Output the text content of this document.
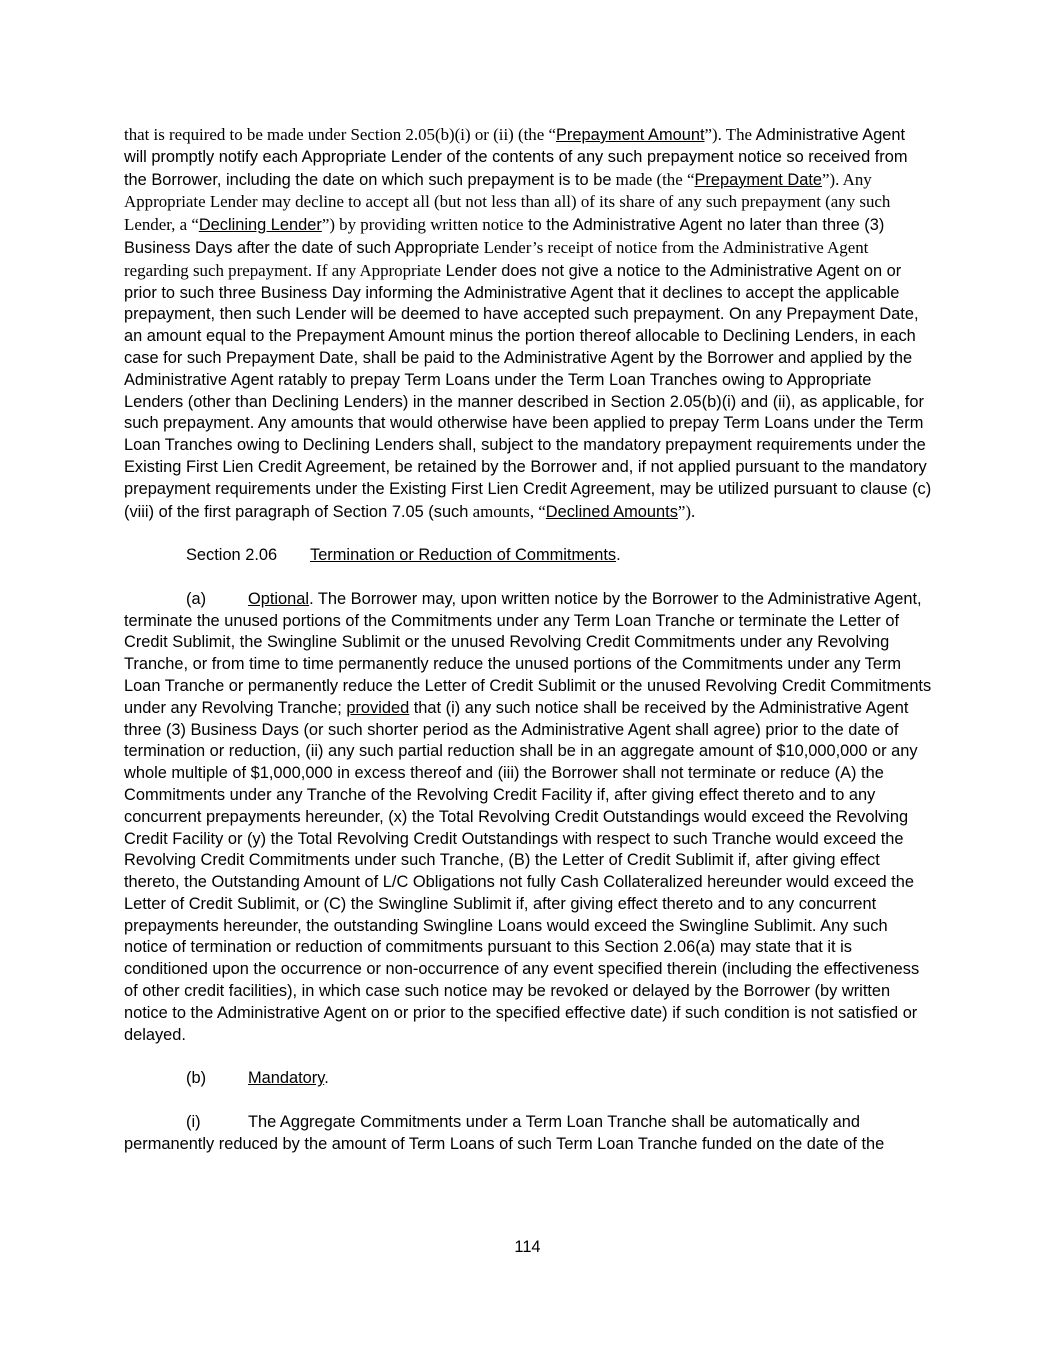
that is required to be made under Section 2.05(b)(i) or (ii) (the “Prepayment Amount”). The Administrative Agent will promptly notify each Appropriate Lender of the contents of any such prepayment notice so received from the Borrower, including the date on which such prepayment is to be made (the “Prepayment Date”). Any Appropriate Lender may decline to accept all (but not less than all) of its share of any such prepayment (any such Lender, a “Declining Lender”) by providing written notice to the Administrative Agent no later than three (3) Business Days after the date of such Appropriate Lender’s receipt of notice from the Administrative Agent regarding such prepayment. If any Appropriate Lender does not give a notice to the Administrative Agent on or prior to such three Business Day informing the Administrative Agent that it declines to accept the applicable prepayment, then such Lender will be deemed to have accepted such prepayment. On any Prepayment Date, an amount equal to the Prepayment Amount minus the portion thereof allocable to Declining Lenders, in each case for such Prepayment Date, shall be paid to the Administrative Agent by the Borrower and applied by the Administrative Agent ratably to prepay Term Loans under the Term Loan Tranches owing to Appropriate Lenders (other than Declining Lenders) in the manner described in Section 2.05(b)(i) and (ii), as applicable, for such prepayment. Any amounts that would otherwise have been applied to prepay Term Loans under the Term Loan Tranches owing to Declining Lenders shall, subject to the mandatory prepayment requirements under the Existing First Lien Credit Agreement, be retained by the Borrower and, if not applied pursuant to the mandatory prepayment requirements under the Existing First Lien Credit Agreement, may be utilized pursuant to clause (c)(viii) of the first paragraph of Section 7.05 (such amounts, “Declined Amounts”).

Section 2.06 Termination or Reduction of Commitments.

(a)	Optional. The Borrower may, upon written notice by the Borrower to the Administrative Agent, terminate the unused portions of the Commitments under any Term Loan Tranche or terminate the Letter of Credit Sublimit, the Swingline Sublimit or the unused Revolving Credit Commitments under any Revolving Tranche, or from time to time permanently reduce the unused portions of the Commitments under any Term Loan Tranche or permanently reduce the Letter of Credit Sublimit or the unused Revolving Credit Commitments under any Revolving Tranche; provided that (i) any such notice shall be received by the Administrative Agent three (3) Business Days (or such shorter period as the Administrative Agent shall agree) prior to the date of termination or reduction, (ii) any such partial reduction shall be in an aggregate amount of $10,000,000 or any whole multiple of $1,000,000 in excess thereof and (iii) the Borrower shall not terminate or reduce (A) the Commitments under any Tranche of the Revolving Credit Facility if, after giving effect thereto and to any concurrent prepayments hereunder, (x) the Total Revolving Credit Outstandings would exceed the Revolving Credit Facility or (y) the Total Revolving Credit Outstandings with respect to such Tranche would exceed the Revolving Credit Commitments under such Tranche, (B) the Letter of Credit Sublimit if, after giving effect thereto, the Outstanding Amount of L/C Obligations not fully Cash Collateralized hereunder would exceed the Letter of Credit Sublimit, or (C) the Swingline Sublimit if, after giving effect thereto and to any concurrent prepayments hereunder, the outstanding Swingline Loans would exceed the Swingline Sublimit. Any such notice of termination or reduction of commitments pursuant to this Section 2.06(a) may state that it is conditioned upon the occurrence or non-occurrence of any event specified therein (including the effectiveness of other credit facilities), in which case such notice may be revoked or delayed by the Borrower (by written notice to the Administrative Agent on or prior to the specified effective date) if such condition is not satisfied or delayed.

(b)	Mandatory.

(i)	The Aggregate Commitments under a Term Loan Tranche shall be automatically and permanently reduced by the amount of Term Loans of such Term Loan Tranche funded on the date of the

114
